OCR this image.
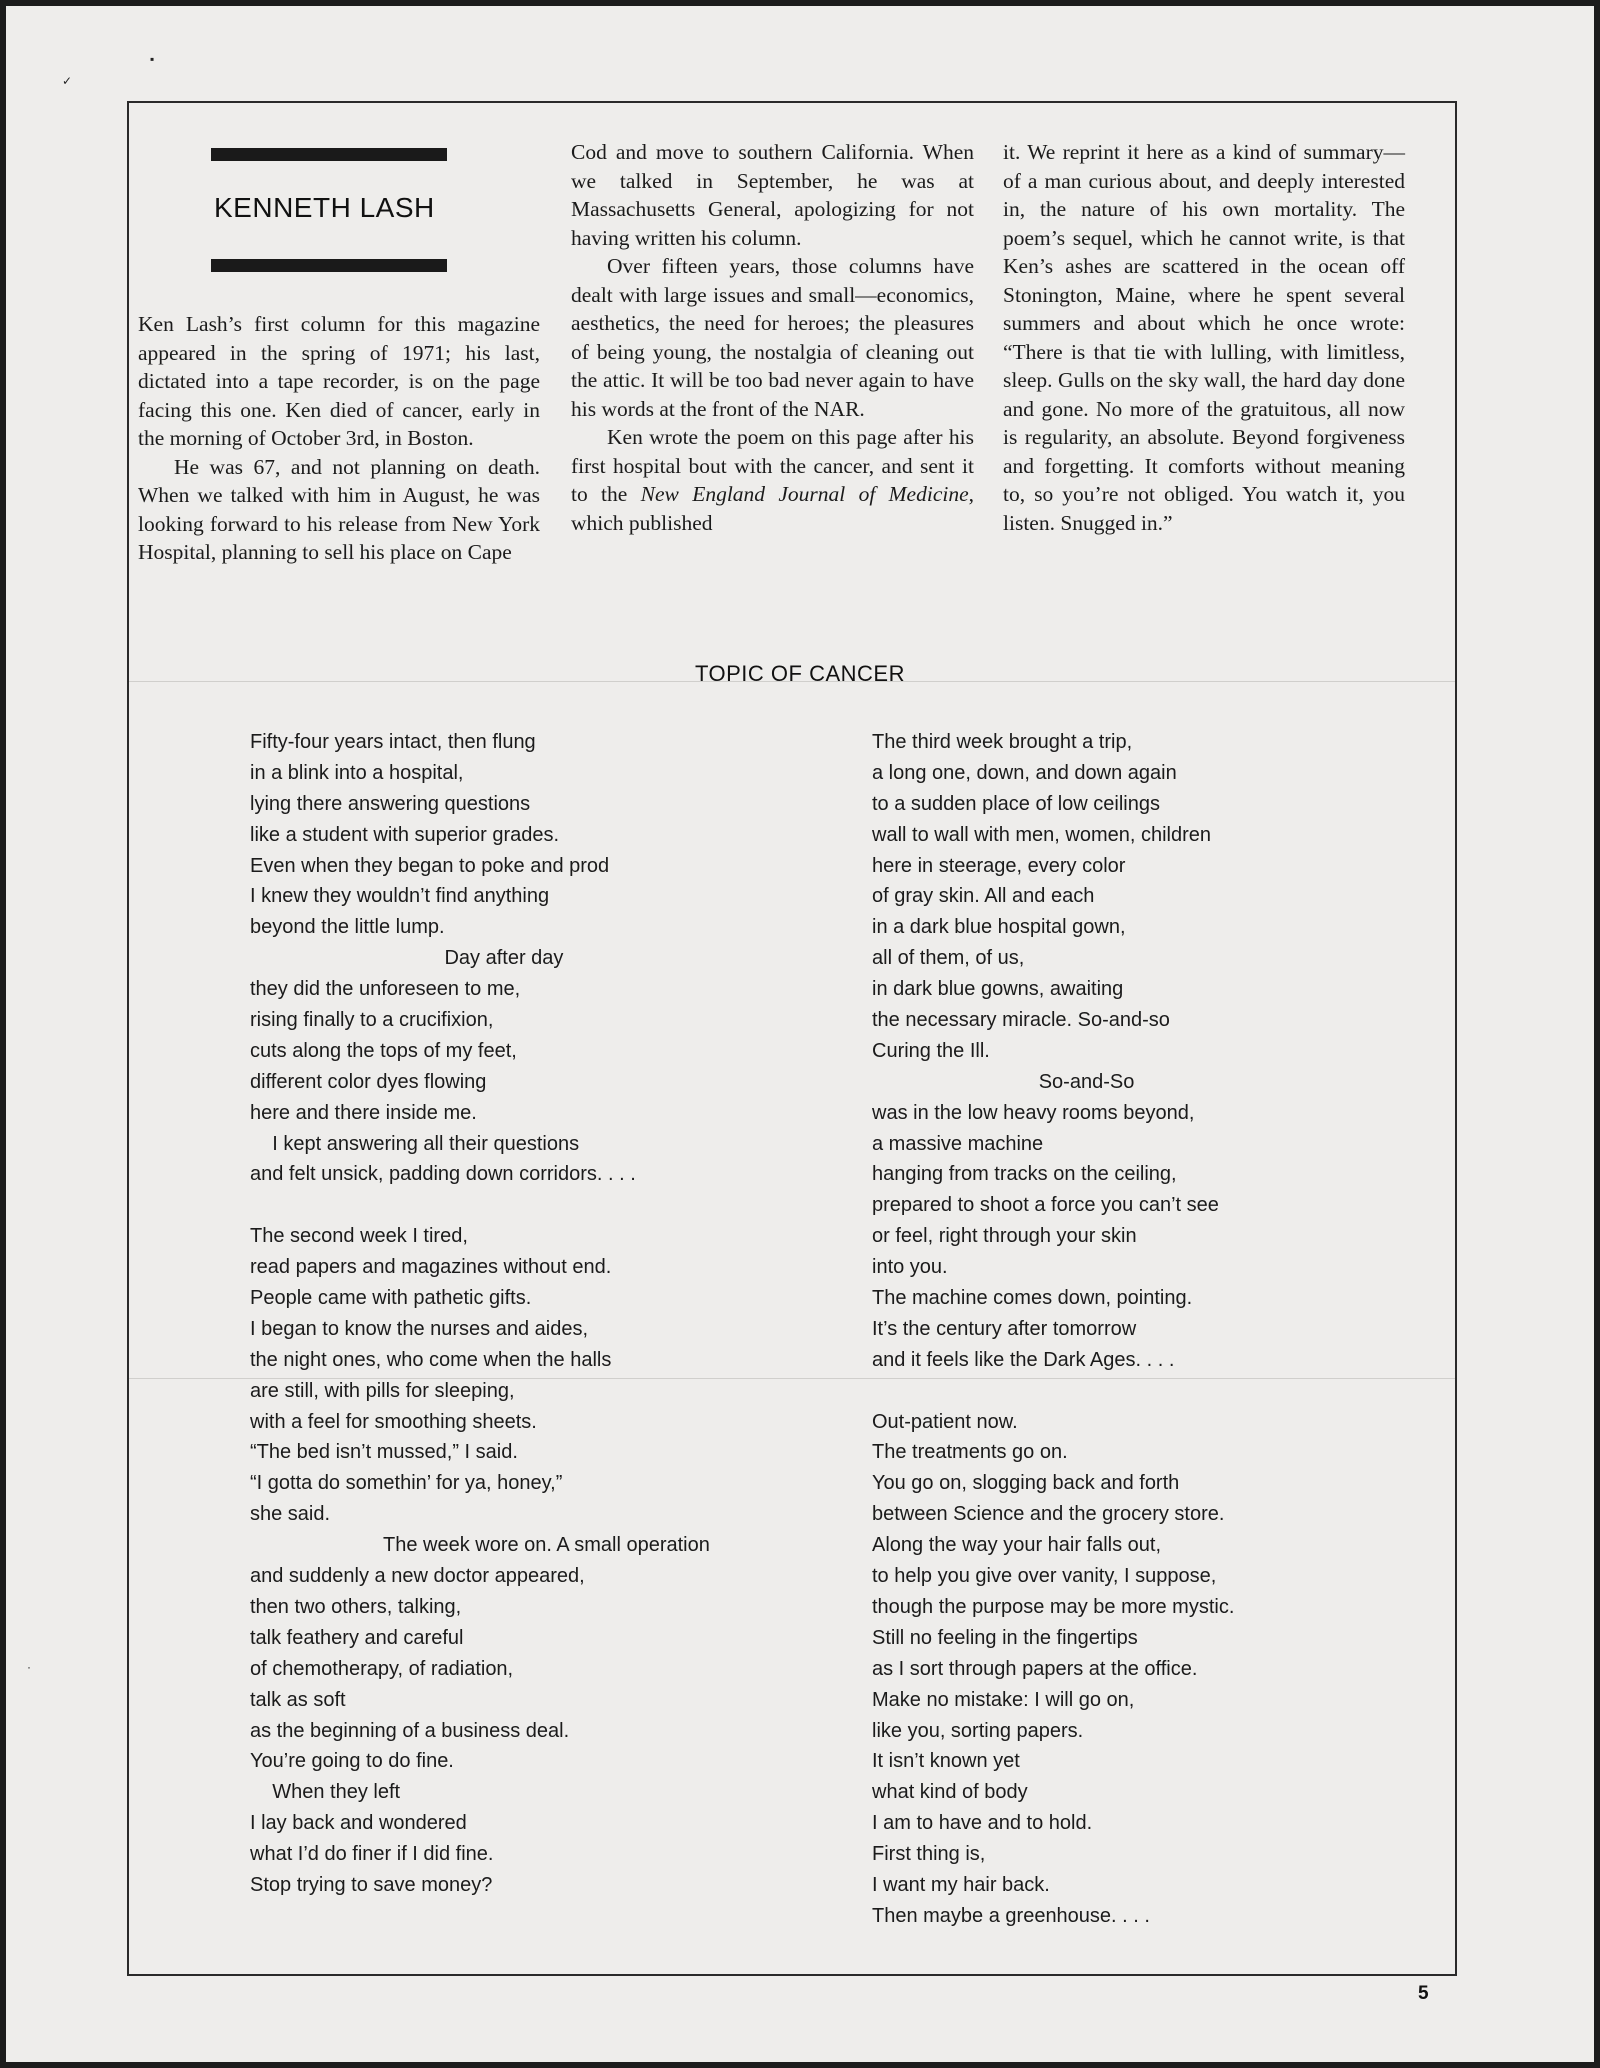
▪
✓
·
KENNETH LASH

Ken Lash’s first column for this magazine appeared in the spring of 1971; his last, dictated into a tape recorder, is on the page facing this one. Ken died of cancer, early in the morning of October 3rd, in Boston.

He was 67, and not planning on death. When we talked with him in August, he was looking forward to his release from New York Hospital, planning to sell his place on Cape

Cod and move to southern California. When we talked in September, he was at Massachusetts General, apologizing for not having written his column.

Over fifteen years, those columns have dealt with large issues and small—economics, aesthetics, the need for heroes; the pleasures of being young, the nostalgia of cleaning out the attic. It will be too bad never again to have his words at the front of the NAR.

Ken wrote the poem on this page after his first hospital bout with the cancer, and sent it to the New England Journal of Medicine, which published

it. We reprint it here as a kind of summary—of a man curious about, and deeply interested in, the nature of his own mortality. The poem’s sequel, which he cannot write, is that Ken’s ashes are scattered in the ocean off Stonington, Maine, where he spent several summers and about which he once wrote: “There is that tie with lulling, with limitless, sleep. Gulls on the sky wall, the hard day done and gone. No more of the gratuitous, all now is regularity, an absolute. Beyond forgiveness and forgetting. It comforts without meaning to, so you’re not obliged. You watch it, you listen. Snugged in.”

TOPIC OF CANCER
Fifty-four years intact, then flung
in a blink into a hospital,
lying there answering questions
like a student with superior grades.
Even when they began to poke and prod
I knew they wouldn’t find anything
beyond the little lump.
Day after day
they did the unforeseen to me,
rising finally to a crucifixion,
cuts along the tops of my feet,
different color dyes flowing
here and there inside me.
I kept answering all their questions
and felt unsick, padding down corridors. . . .
The second week I tired,
read papers and magazines without end.
People came with pathetic gifts.
I began to know the nurses and aides,
the night ones, who come when the halls
are still, with pills for sleeping,
with a feel for smoothing sheets.
“The bed isn’t mussed,” I said.
“I gotta do somethin’ for ya, honey,”
she said.
The week wore on. A small operation
and suddenly a new doctor appeared,
then two others, talking,
talk feathery and careful
of chemotherapy, of radiation,
talk as soft
as the beginning of a business deal.
You’re going to do fine.
When they left
I lay back and wondered
what I’d do finer if I did fine.
Stop trying to save money?
The third week brought a trip,
a long one, down, and down again
to a sudden place of low ceilings
wall to wall with men, women, children
here in steerage, every color
of gray skin. All and each
in a dark blue hospital gown,
all of them, of us,
in dark blue gowns, awaiting
the necessary miracle. So-and-so
Curing the Ill.
So-and-So
was in the low heavy rooms beyond,
a massive machine
hanging from tracks on the ceiling,
prepared to shoot a force you can’t see
or feel, right through your skin
into you.
The machine comes down, pointing.
It’s the century after tomorrow
and it feels like the Dark Ages. . . .
Out-patient now.
The treatments go on.
You go on, slogging back and forth
between Science and the grocery store.
Along the way your hair falls out,
to help you give over vanity, I suppose,
though the purpose may be more mystic.
Still no feeling in the fingertips
as I sort through papers at the office.
Make no mistake: I will go on,
like you, sorting papers.
It isn’t known yet
what kind of body
I am to have and to hold.
First thing is,
I want my hair back.
Then maybe a greenhouse. . . .
5
